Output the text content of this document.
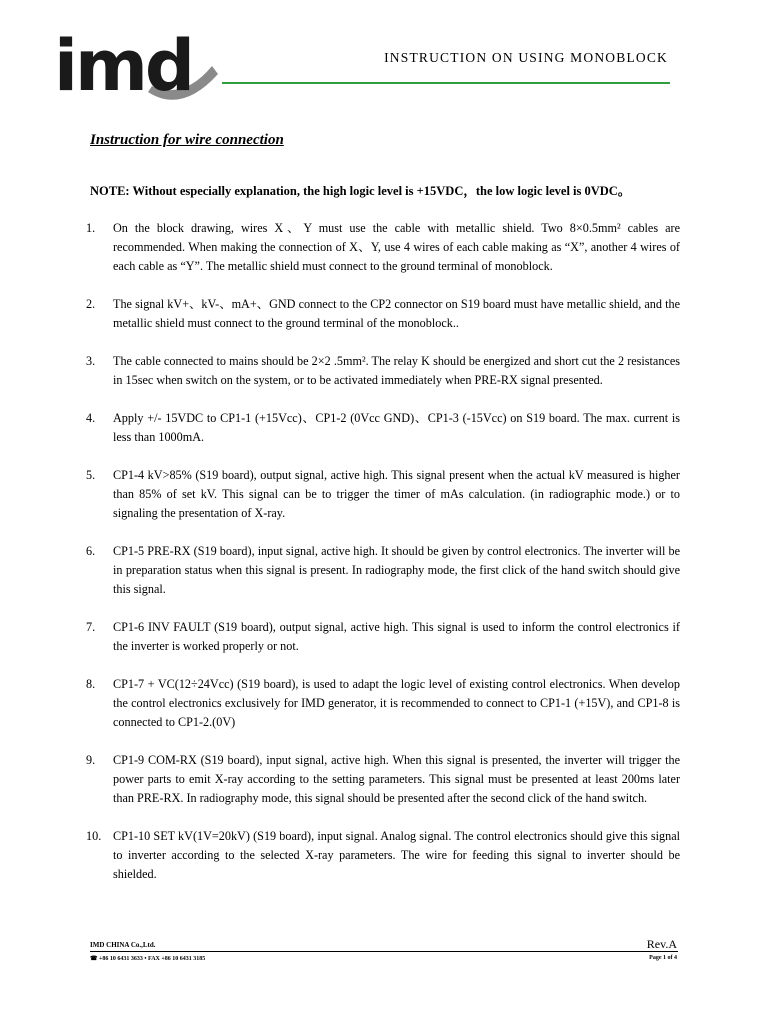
imd	INSTRUCTION ON USING MONOBLOCK
Instruction for wire connection
NOTE: Without especially explanation, the high logic level is +15VDC，the low logic level is 0VDC。
1. On the block drawing, wires X、Y must use the cable with metallic shield. Two 8×0.5mm² cables are recommended. When making the connection of X、Y, use 4 wires of each cable making as “X”, another 4 wires of each cable as “Y”. The metallic shield must connect to the ground terminal of monoblock.
2. The signal kV+、kV-、mA+、GND connect to the CP2 connector on S19 board must have metallic shield, and the metallic shield must connect to the ground terminal of the monoblock..
3. The cable connected to mains should be 2×2 .5mm². The relay K should be energized and short cut the 2 resistances in 15sec when switch on the system, or to be activated immediately when PRE-RX signal presented.
4. Apply +/- 15VDC to CP1-1 (+15Vcc)、CP1-2 (0Vcc GND)、CP1-3 (-15Vcc) on S19 board. The max. current is less than 1000mA.
5. CP1-4 kV>85% (S19 board), output signal, active high. This signal present when the actual kV measured is higher than 85% of set kV. This signal can be to trigger the timer of mAs calculation. (in radiographic mode.) or to signaling the presentation of X-ray.
6. CP1-5 PRE-RX (S19 board), input signal, active high. It should be given by control electronics. The inverter will be in preparation status when this signal is present. In radiography mode, the first click of the hand switch should give this signal.
7. CP1-6 INV FAULT (S19 board), output signal, active high. This signal is used to inform the control electronics if the inverter is worked properly or not.
8. CP1-7 + VC(12÷24Vcc) (S19 board), is used to adapt the logic level of existing control electronics. When develop the control electronics exclusively for IMD generator, it is recommended to connect to CP1-1 (+15V), and CP1-8 is connected to CP1-2.(0V)
9. CP1-9 COM-RX (S19 board), input signal, active high. When this signal is presented, the inverter will trigger the power parts to emit X-ray according to the setting parameters. This signal must be presented at least 200ms later than PRE-RX. In radiography mode, this signal should be presented after the second click of the hand switch.
10. CP1-10 SET kV(1V=20kV) (S19 board), input signal. Analog signal. The control electronics should give this signal to inverter according to the selected X-ray parameters. The wire for feeding this signal to inverter should be shielded.
IMD CHINA Co.,Ltd.	Rev.A
☎ +86 10 6431 3633 • FAX +86 10 6431 3185	Page 1 of 4
